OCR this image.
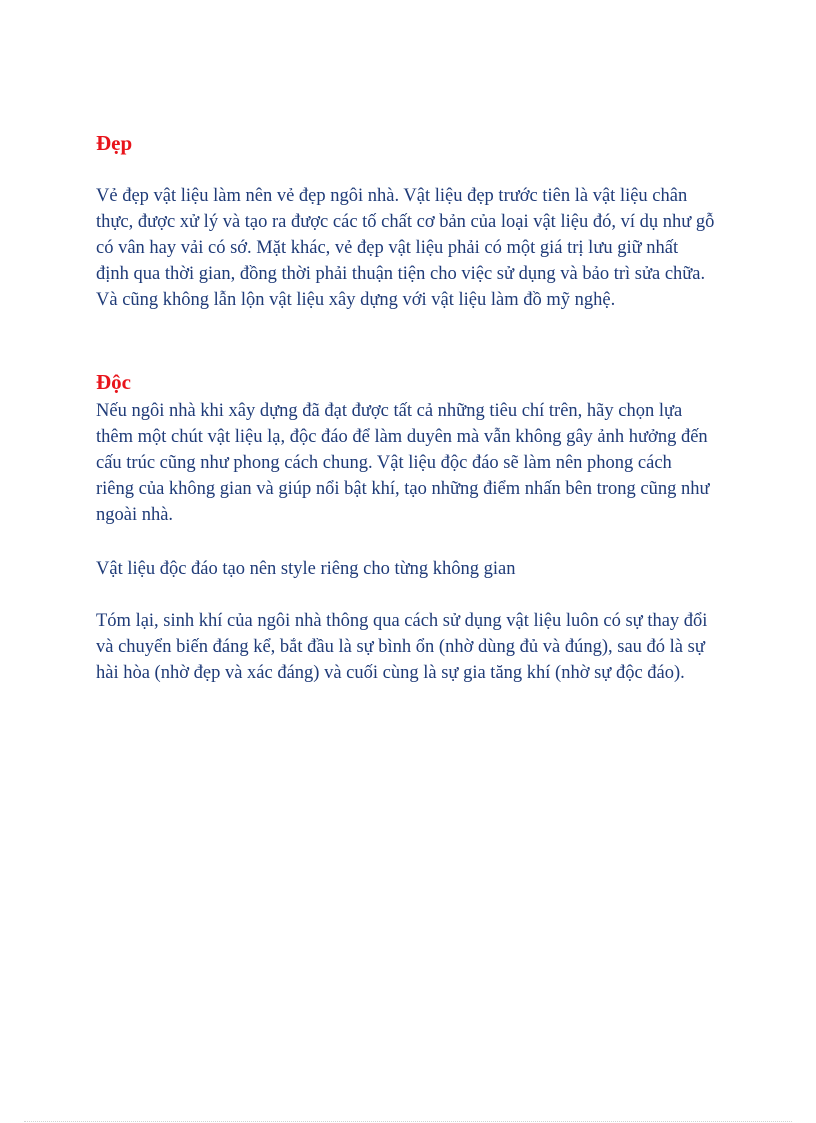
Đẹp

Vẻ đẹp vật liệu làm nên vẻ đẹp ngôi nhà. Vật liệu đẹp trước tiên là vật liệu chân
thực, được xử lý và tạo ra được các tố chất cơ bản của loại vật liệu đó, ví dụ như gỗ
có vân hay vải có sớ. Mặt khác, vẻ đẹp vật liệu phải có một giá trị lưu giữ nhất
định qua thời gian, đồng thời phải thuận tiện cho việc sử dụng và bảo trì sửa chữa.
Và cũng không lẫn lộn vật liệu xây dựng với vật liệu làm đồ mỹ nghệ.

Độc

Nếu ngôi nhà khi xây dựng đã đạt được tất cả những tiêu chí trên, hãy chọn lựa
thêm một chút vật liệu lạ, độc đáo để làm duyên mà vẫn không gây ảnh hưởng đến
cấu trúc cũng như phong cách chung. Vật liệu độc đáo sẽ làm nên phong cách
riêng của không gian và giúp nổi bật khí, tạo những điểm nhấn bên trong cũng như
ngoài nhà.

Vật liệu độc đáo tạo nên style riêng cho từng không gian

Tóm lại, sinh khí của ngôi nhà thông qua cách sử dụng vật liệu luôn có sự thay đổi
và chuyển biến đáng kể, bắt đầu là sự bình ổn (nhờ dùng đủ và đúng), sau đó là sự
hài hòa (nhờ đẹp và xác đáng) và cuối cùng là sự gia tăng khí (nhờ sự độc đáo).
